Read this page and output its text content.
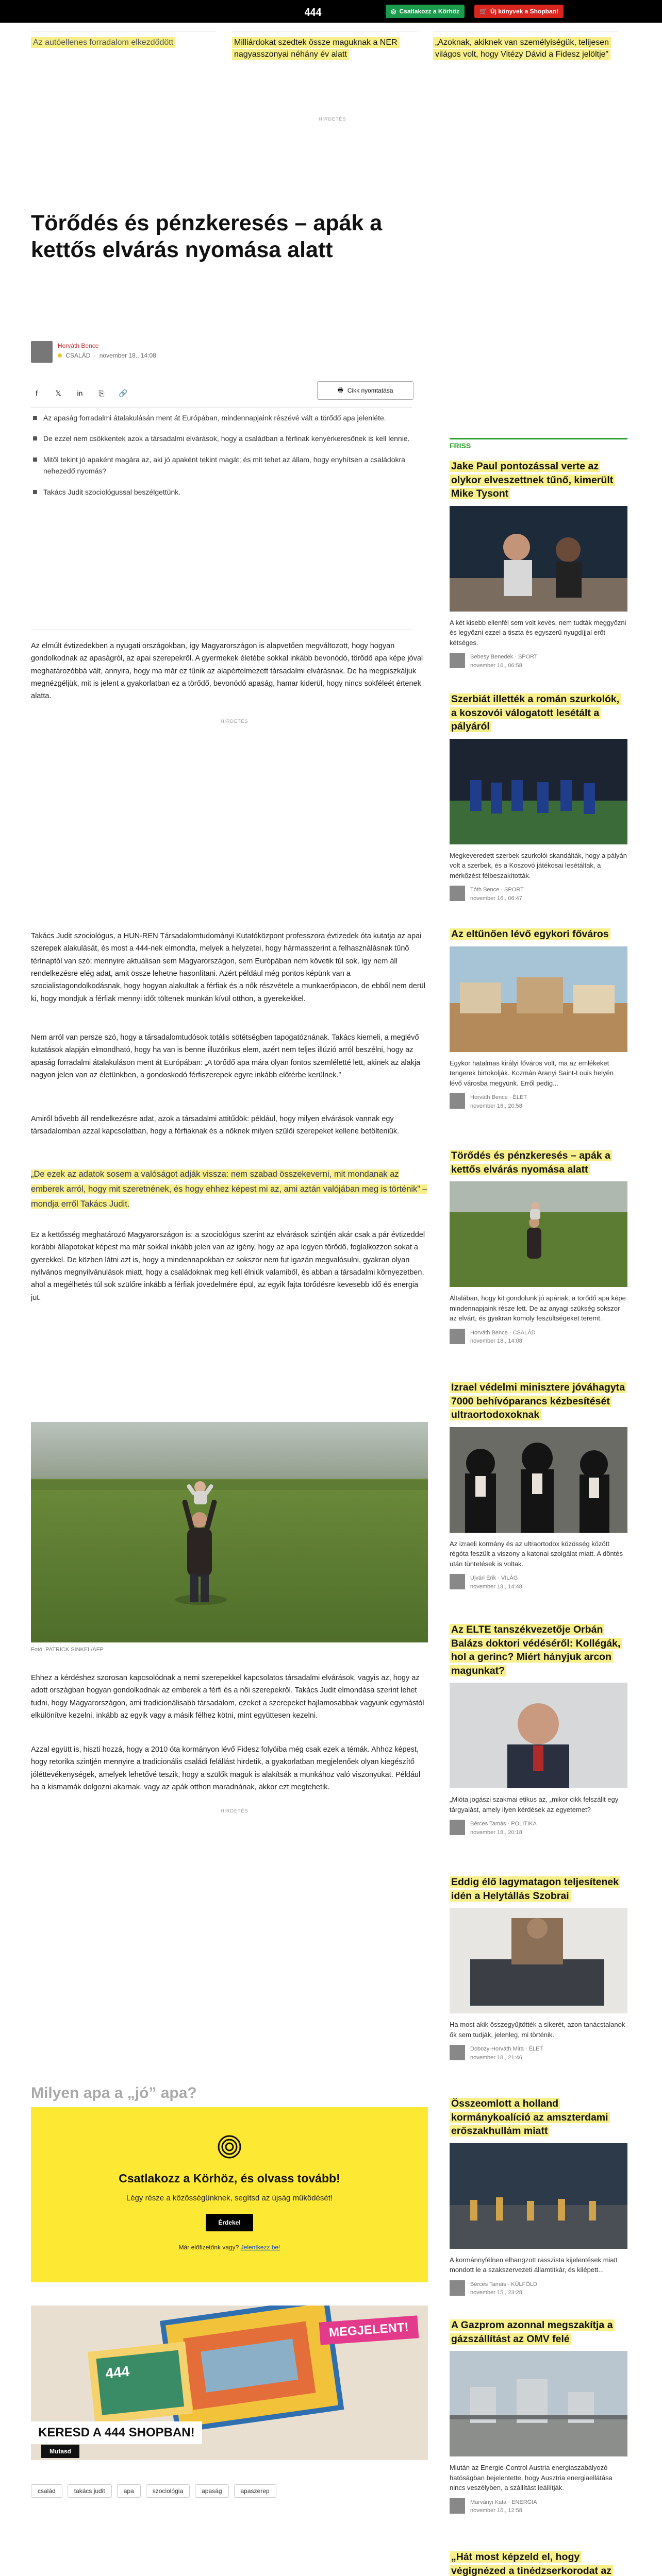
444	◎ Csatlakozz a Körhöz	🛒 Új könyvek a Shopban!
Az autóellenes forradalom elkezdődött	Milliárdokat szedtek össze maguknak a NER nagyasszonyai néhány év alatt
„Azoknak, akiknek van személyiségük, telijesen világos volt, hogy Vitézy Dávid a Fidesz jelöltje”
HIRDETÉS
Törődés és pénzkeresés – apák a kettős elvárás nyomása alatt
Horváth Bence
CSALÁD  ·  november 18., 14:08
f	𝕏	in	⎘	🔗	🖶 Cikk nyomtatása
Az apaság forradalmi átalakulásán ment át Európában, mindennapjaink részévé vált a törődő apa jelenléte.
De ezzel nem csökkentek azok a társadalmi elvárások, hogy a családban a férfinak kenyérkeresőnek is kell lennie.
Mitől tekint jó apaként magára az, aki jó apaként tekint magát; és mit tehet az állam, hogy enyhítsen a családokra nehezedő nyomás?
Takács Judit szociológussal beszélgettünk.

Az elmúlt évtizedekben a nyugati országokban, így Magyarországon is alapvetően megváltozott, hogy hogyan gondolkodnak az apaságról, az apai szerepekről. A gyermekek életébe sokkal inkább bevonódó, törődő apa képe jóval meghatározóbbá vált, annyira, hogy ma már ez tűnik az alapértelmezett társadalmi elvárásnak. De ha megpiszkáljuk megnézgéljük, mit is jelent a gyakorlatban ez a törődő, bevonódó apaság, hamar kiderül, hogy nincs sokféleét értenek alatta.

HIRDETÉS

Takács Judit szociológus, a HUN-REN Társadalomtudományi Kutatóközpont professzora évtizedek óta kutatja az apai szerepek alakulását, és most a 444-nek elmondta, melyek a helyzetei, hogy hármasszerint a felhasználásnak tűnő térínaptól van szó; mennyire aktuálisan sem Magyarországon, sem Európában nem követik túl sok, így nem áll rendelkezésre elég adat, amit össze lehetne hasonlítani. Azért például még pontos képünk van a szocialistagondolkodásnak, hogy hogyan alakultak a férfiak és a nők részvétele a munkaerőpiacon, de ebből nem derül ki, hogy mondjuk a férfiak mennyi időt töltenek munkán kívül otthon, a gyerekekkel.

Nem arról van persze szó, hogy a társadalomtudósok totális sötétségben tapogatóznának. Takács kiemeli, a meglévő kutatások alapján elmondható, hogy ha van is benne illuzórikus elem, azért nem teljes illúzió arról beszélni, hogy az apaság forradalmi átalakuláson ment át Európában: „A törődő apa mára olyan fontos szemléletté lett, akinek az alakja nagyon jelen van az életünkben, a gondoskodó férfiszerepek egyre inkább előtérbe kerülnek.”

Amiről bővebb áll rendelkezésre adat, azok a társadalmi attitűdök: például, hogy milyen elvárások vannak egy társadalomban azzal kapcsolatban, hogy a férfiaknak és a nőknek milyen szülői szerepeket kellene betölteniük.

„De ezek az adatok sosem a valóságot adják vissza: nem szabad összekeverni, mit mondanak az emberek arról, hogy mit szeretnének, és hogy ehhez képest mi az, ami aztán valójában meg is történik” – mondja erről Takács Judit.

Ez a kettősség meghatározó Magyarországon is: a szociológus szerint az elvárások szintjén akár csak a pár évtizeddel korábbi állapotokat képest ma már sokkal inkább jelen van az igény, hogy az apa legyen törődő, foglalkozzon sokat a gyerekkel. De közben látni azt is, hogy a mindennapokban ez sokszor nem fut igazán megvalósulni, gyakran olyan nyilvános megnyilvánulások miatt, hogy a családoknak meg kell élniük valamiből, és abban a társadalmi környezetben, ahol a megélhetés túl sok szülőre inkább a férfiak jövedelmére épül, az egyik fajta törődésre kevesebb idő és energia jut.

Fotó: PATRICK SINKEL/AFP

Ehhez a kérdéshez szorosan kapcsolódnak a nemi szerepekkel kapcsolatos társadalmi elvárások, vagyis az, hogy az adott országban hogyan gondolkodnak az emberek a férfi és a női szerepekről. Takács Judit elmondása szerint lehet tudni, hogy Magyarországon, ami tradicionálisabb társadalom, ezeket a szerepeket hajlamosabbak vagyunk egymástól elkülönítve kezelni, inkább az egyik vagy a másik félhez kötni, mint együttesen kezelni.

Azzal együtt is, hiszti hozzá, hogy a 2010 óta kormányon lévő Fidesz folyóiba még csak ezek a témák. Ahhoz képest, hogy retorika szintjén mennyire a tradicionális családi felállást hirdetik, a gyakorlatban megjelenőek olyan kiegészítő jóléttevékenységek, amelyek lehetővé teszik, hogy a szülők maguk is alakítsák a munkához való viszonyukat. Például ha a kismamák dolgozni akarnak, vagy az apák otthon maradnának, akkor ezt megtehetik.

HIRDETÉS
Milyen apa a „jó” apa?
Csatlakozz a Körhöz, és olvass tovább!
Légy része a közösségünknek, segítsd az újság működését!
Érdekel
Már előfizetőnk vagy? Jelentkezz be!
444
MEGJELENT!
KERESD A 444 SHOPBAN!
Mutasd
család	takács judit	apa	szociológia	apaság	apaszerep
FRISS
Jake Paul pontozással verte az olykor elveszettnek tűnő, kimerült Mike Tysont
A két kisebb ellenfél sem volt kevés, nem tudták meggyőzni és legyőzni ezzel a tiszta és egyszerű nyugdíjjal erőt kétséges.
Sebesy Benedek · SPORT
november 16., 06:58
Szerbiát illették a román szurkolók, a koszovói válogatott lesétált a pályáról
Megkeveredett szerbek szurkolói skandálták, hogy a pályán volt a szerbek, és a Koszovó játékosai lesétáltak, a mérkőzést félbeszakították.
Tóth Bence · SPORT
november 16., 06:47
Az eltűnően lévő egykori főváros
Egykor hatalmas királyi főváros volt, ma az emlékeket tengerek birtokolják. Kozmán Aranyi Saint-Louis helyén lévő városba megyünk. Erről pedig...
Horváth Bence · ÉLET
november 16., 20:58
Törődés és pénzkeresés – apák a kettős elvárás nyomása alatt
Általában, hogy kit gondolunk jó apának, a törődő apa képe mindennapjaink része lett. De az anyagi szükség sokszor az elvárt, és gyakran komoly feszültségeket teremt.
Horváth Bence · CSALÁD
november 18., 14:08
Izrael védelmi minisztere jóváhagyta 7000 behívóparancs kézbesítését ultraortodoxoknak
Az izraeli kormány és az ultraortodox közösség között régóta feszült a viszony a katonai szolgálat miatt. A döntés után tüntetések is voltak.
Ujvári Erik · VILÁG
november 18., 14:48
Az ELTE tanszékvezetője Orbán Balázs doktori védéséről: Kollégák, hol a gerinc? Miért hányjuk arcon magunkat?
„Mióta jogászi szakmai etikus az, „mikor cikk felszállt egy tárgyalást, amely ilyen kérdések az egyetemet?
Bérces Tamás · POLITIKA
november 18., 20:18
Eddig élő lagymatagon teljesítenek idén a Helytállás Szobrai
Ha most akik összegyűjtötték a sikerét, azon tanácstalanok ők sem tudják, jelenleg, mi történik.
Dobozy-Horváth Mira · ÉLET
november 18., 21:46
Összeomlott a holland kormánykoalíció az amszterdami erőszakhullám miatt
A kormánnyfélnen elhangzott rasszista kijelentések miatt mondott le a szakszervezeti államtitkár, és kilépett...
Bérces Tamás · KÜLFÖLD
november 15., 23:28
A Gazprom azonnal megszakítja a gázszállítást az OMV felé
Miután az Energie-Control Austria energiaszabályozó hatóságban bejelentette, hogy Ausztria energiaellátása nincs veszélyben, a szállítást leállítják.
Márványi Kata · ENERGIA
november 16., 12:58
„Hát most képzeld el, hogy végignézed a tinédzserkorodat az
